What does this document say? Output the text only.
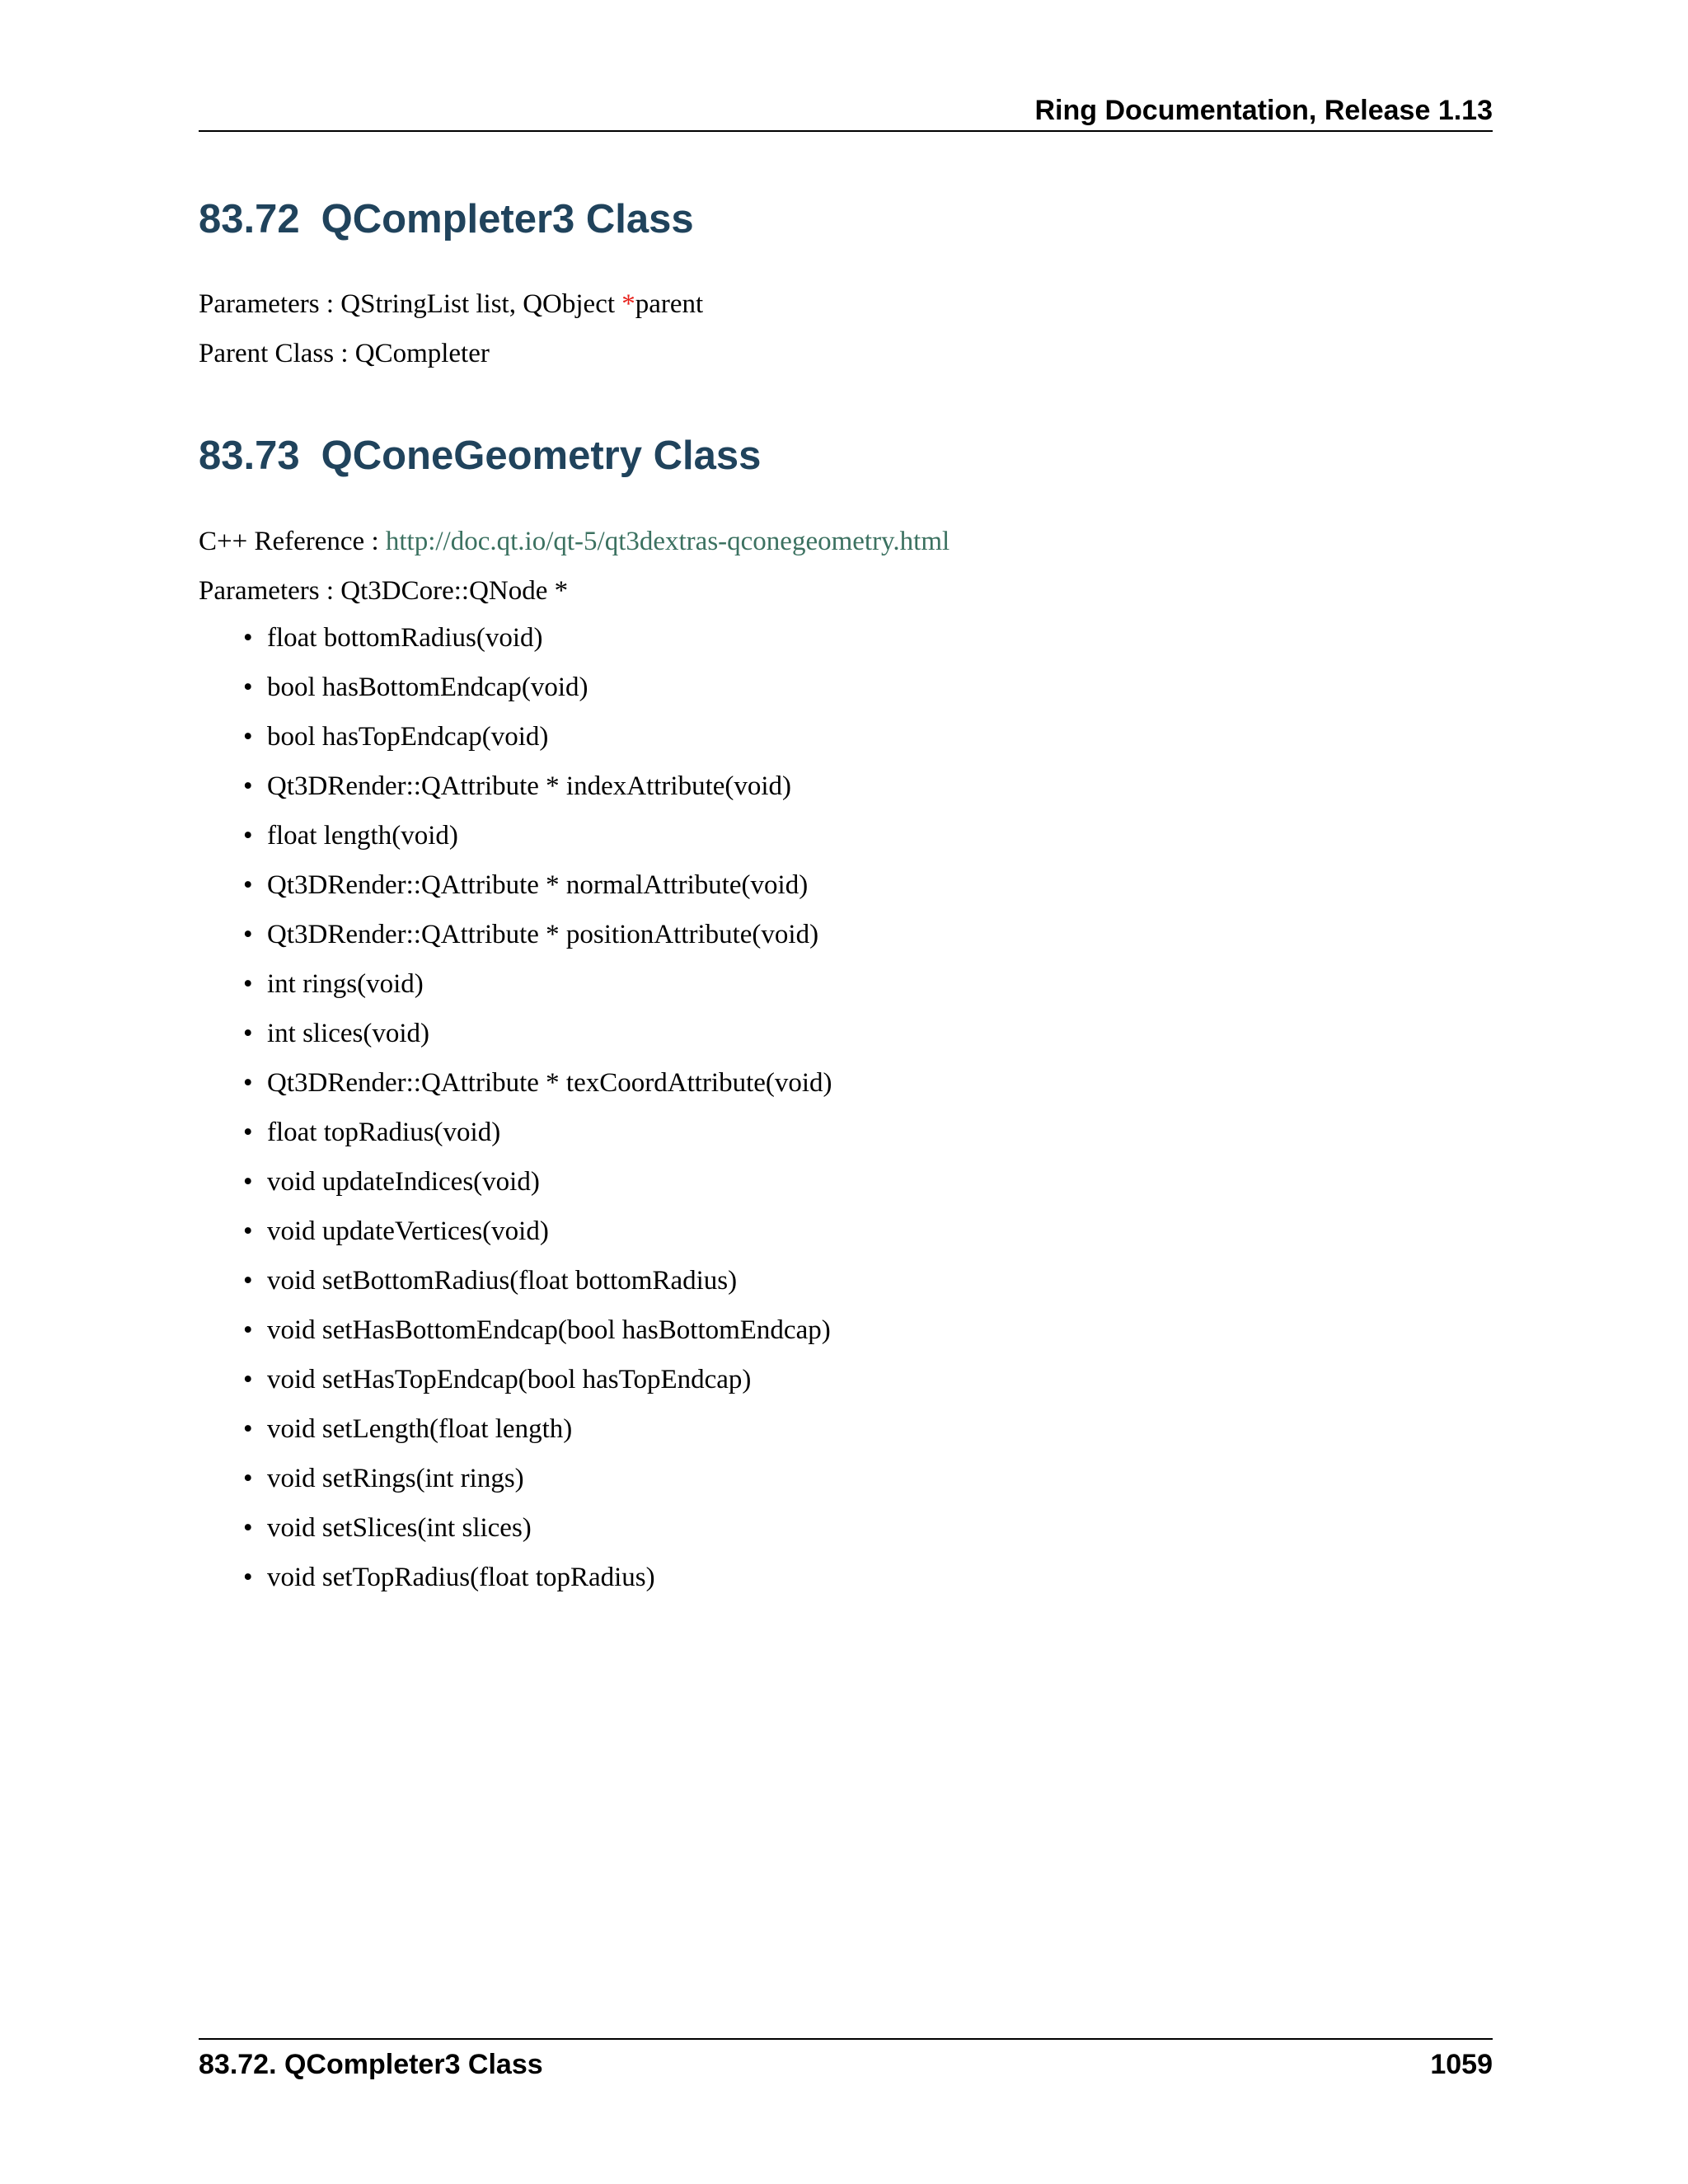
Ring Documentation, Release 1.13
83.72 QCompleter3 Class

Parameters : QStringList list, QObject *parent

Parent Class : QCompleter

83.73 QConeGeometry Class

C++ Reference : http://doc.qt.io/qt-5/qt3dextras-qconegeometry.html

Parameters : Qt3DCore::QNode *

• float bottomRadius(void)
• bool hasBottomEndcap(void)
• bool hasTopEndcap(void)
• Qt3DRender::QAttribute * indexAttribute(void)
• float length(void)
• Qt3DRender::QAttribute * normalAttribute(void)
• Qt3DRender::QAttribute * positionAttribute(void)
• int rings(void)
• int slices(void)
• Qt3DRender::QAttribute * texCoordAttribute(void)
• float topRadius(void)
• void updateIndices(void)
• void updateVertices(void)
• void setBottomRadius(float bottomRadius)
• void setHasBottomEndcap(bool hasBottomEndcap)
• void setHasTopEndcap(bool hasTopEndcap)
• void setLength(float length)
• void setRings(int rings)
• void setSlices(int slices)
• void setTopRadius(float topRadius)
83.72. QCompleter3 Class	1059
